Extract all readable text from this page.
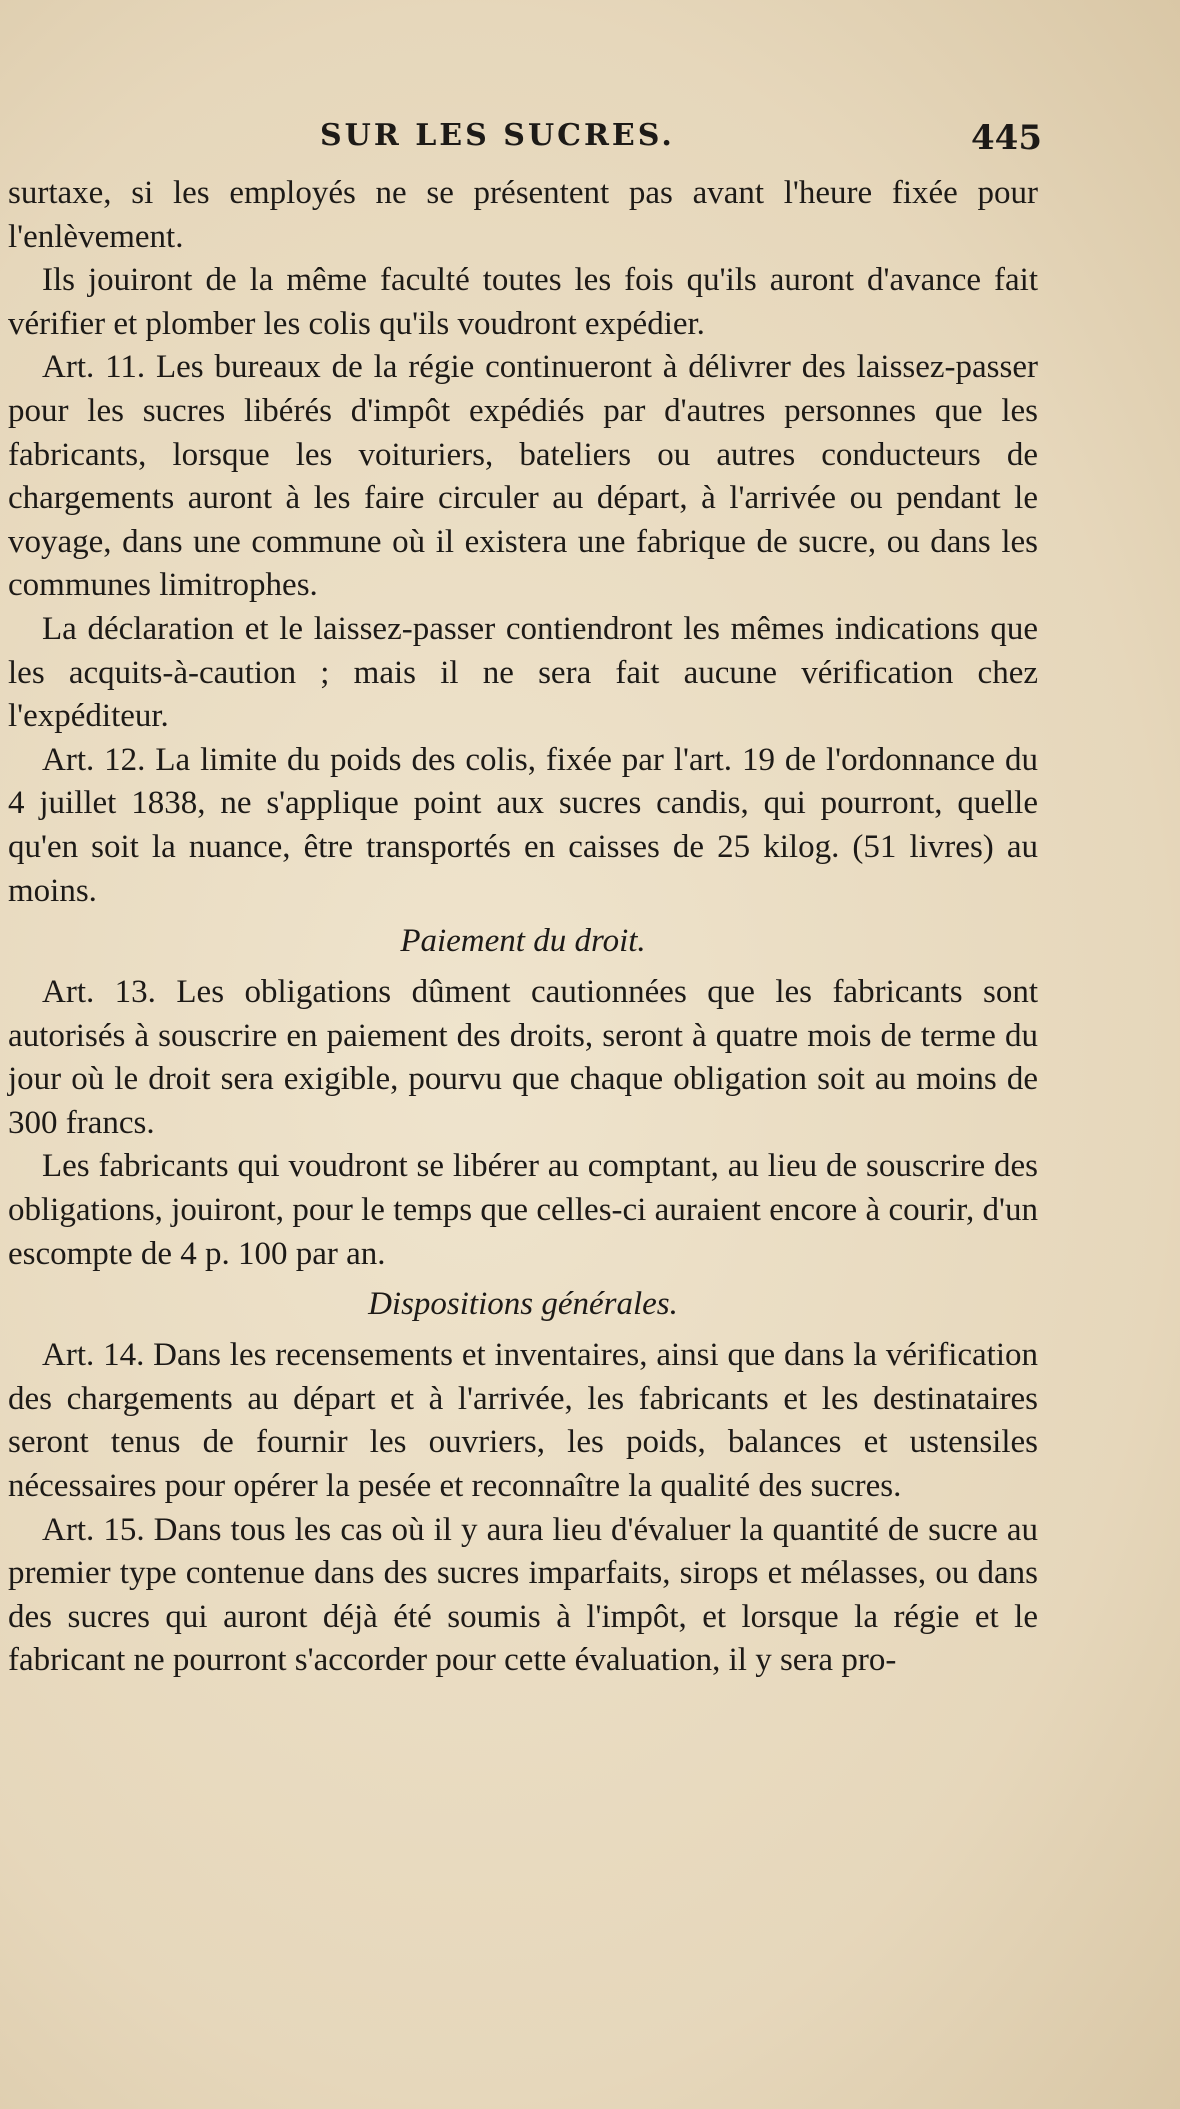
SUR LES SUCRES.	445

surtaxe, si les employés ne se présentent pas avant l'heure fixée pour l'enlèvement.

Ils jouiront de la même faculté toutes les fois qu'ils auront d'avance fait vérifier et plomber les colis qu'ils voudront expédier.

Art. 11. Les bureaux de la régie continueront à délivrer des laissez-passer pour les sucres libérés d'impôt expédiés par d'autres personnes que les fabricants, lorsque les voituriers, bateliers ou autres conducteurs de chargements auront à les faire circuler au départ, à l'arrivée ou pendant le voyage, dans une commune où il existera une fabrique de sucre, ou dans les communes limitrophes.

La déclaration et le laissez-passer contiendront les mêmes indications que les acquits-à-caution ; mais il ne sera fait aucune vérification chez l'expéditeur.

Art. 12. La limite du poids des colis, fixée par l'art. 19 de l'ordonnance du 4 juillet 1838, ne s'applique point aux sucres candis, qui pourront, quelle qu'en soit la nuance, être transportés en caisses de 25 kilog. (51 livres) au moins.

Paiement du droit.

Art. 13. Les obligations dûment cautionnées que les fabricants sont autorisés à souscrire en paiement des droits, seront à quatre mois de terme du jour où le droit sera exigible, pourvu que chaque obligation soit au moins de 300 francs.

Les fabricants qui voudront se libérer au comptant, au lieu de souscrire des obligations, jouiront, pour le temps que celles-ci auraient encore à courir, d'un escompte de 4 p. 100 par an.

Dispositions générales.

Art. 14. Dans les recensements et inventaires, ainsi que dans la vérification des chargements au départ et à l'arrivée, les fabricants et les destinataires seront tenus de fournir les ouvriers, les poids, balances et ustensiles nécessaires pour opérer la pesée et reconnaître la qualité des sucres.

Art. 15. Dans tous les cas où il y aura lieu d'évaluer la quantité de sucre au premier type contenue dans des sucres imparfaits, sirops et mélasses, ou dans des sucres qui auront déjà été soumis à l'impôt, et lorsque la régie et le fabricant ne pourront s'accorder pour cette évaluation, il y sera pro-
